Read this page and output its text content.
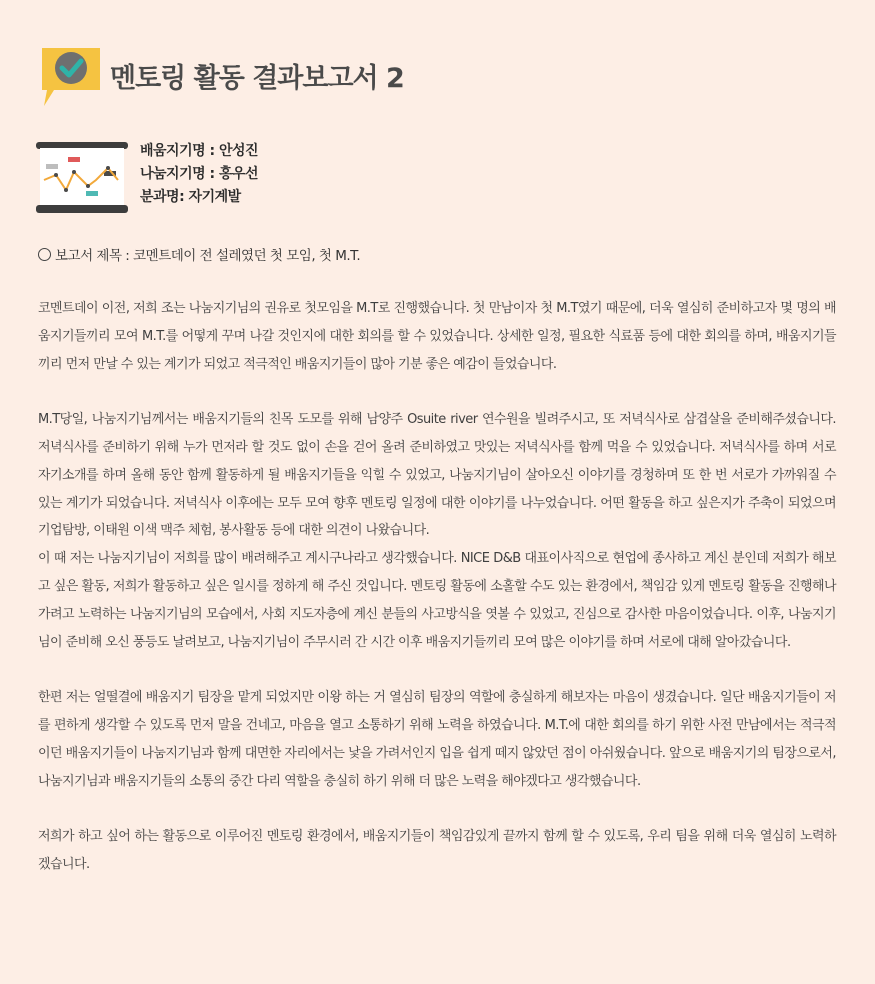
멘토링 활동 결과보고서 2
배움지기명 : 안성진
나눔지기명 : 홍우선
분과명: 자기계발
보고서 제목 : 코멘트데이 전 설레였던 첫 모임, 첫 M.T.

코멘트데이 이전, 저희 조는 나눔지기님의 권유로 첫모임을 M.T로 진행했습니다. 첫 만남이자 첫 M.T였기 때문에, 더욱 열심히 준비하고자 몇 명의 배움지기들끼리 모여 M.T.를 어떻게 꾸며 나갈 것인지에 대한 회의를 할 수 있었습니다. 상세한 일정, 필요한 식료품 등에 대한 회의를 하며, 배움지기들끼리 먼저 만날 수 있는 계기가 되었고 적극적인 배움지기들이 많아 기분 좋은 예감이 들었습니다.

M.T당일, 나눔지기님께서는 배움지기들의 친목 도모를 위해 남양주 Osuite river 연수원을 빌려주시고, 또 저녁식사로 삼겹살을 준비해주셨습니다. 저녁식사를 준비하기 위해 누가 먼저라 할 것도 없이 손을 걷어 올려 준비하였고 맛있는 저녁식사를 함께 먹을 수 있었습니다. 저녁식사를 하며 서로 자기소개를 하며 올해 동안 함께 활동하게 될 배움지기들을 익힐 수 있었고, 나눔지기님이 살아오신 이야기를 경청하며 또 한 번 서로가 가까워질 수 있는 계기가 되었습니다. 저녁식사 이후에는 모두 모여 향후 멘토링 일정에 대한 이야기를 나누었습니다. 어떤 활동을 하고 싶은지가 주축이 되었으며 기업탐방, 이태원 이색 맥주 체험, 봉사활동 등에 대한 의견이 나왔습니다.

이 때 저는 나눔지기님이 저희를 많이 배려해주고 계시구나라고 생각했습니다. NICE D&B 대표이사직으로 현업에 종사하고 계신 분인데 저희가 해보고 싶은 활동, 저희가 활동하고 싶은 일시를 정하게 해 주신 것입니다. 멘토링 활동에 소홀할 수도 있는 환경에서, 책임감 있게 멘토링 활동을 진행해나가려고 노력하는 나눔지기님의 모습에서, 사회 지도자층에 계신 분들의 사고방식을 엿볼 수 있었고, 진심으로 감사한 마음이었습니다. 이후, 나눔지기님이 준비해 오신 풍등도 날려보고, 나눔지기님이 주무시러 간 시간 이후 배움지기들끼리 모여 많은 이야기를 하며 서로에 대해 알아갔습니다.

한편 저는 얼떨결에 배움지기 팀장을 맡게 되었지만 이왕 하는 거 열심히 팀장의 역할에 충실하게 해보자는 마음이 생겼습니다. 일단 배움지기들이 저를 편하게 생각할 수 있도록 먼저 말을 건네고, 마음을 열고 소통하기 위해 노력을 하였습니다. M.T.에 대한 회의를 하기 위한 사전 만남에서는 적극적이던 배움지기들이 나눔지기님과 함께 대면한 자리에서는 낯을 가려서인지 입을 쉽게 떼지 않았던 점이 아쉬웠습니다. 앞으로 배움지기의 팀장으로서, 나눔지기님과 배움지기들의 소통의 중간 다리 역할을 충실히 하기 위해 더 많은 노력을 해야겠다고 생각했습니다.

저희가 하고 싶어 하는 활동으로 이루어진 멘토링 환경에서, 배움지기들이 책임감있게 끝까지 함께 할 수 있도록, 우리 팀을 위해 더욱 열심히 노력하겠습니다.
